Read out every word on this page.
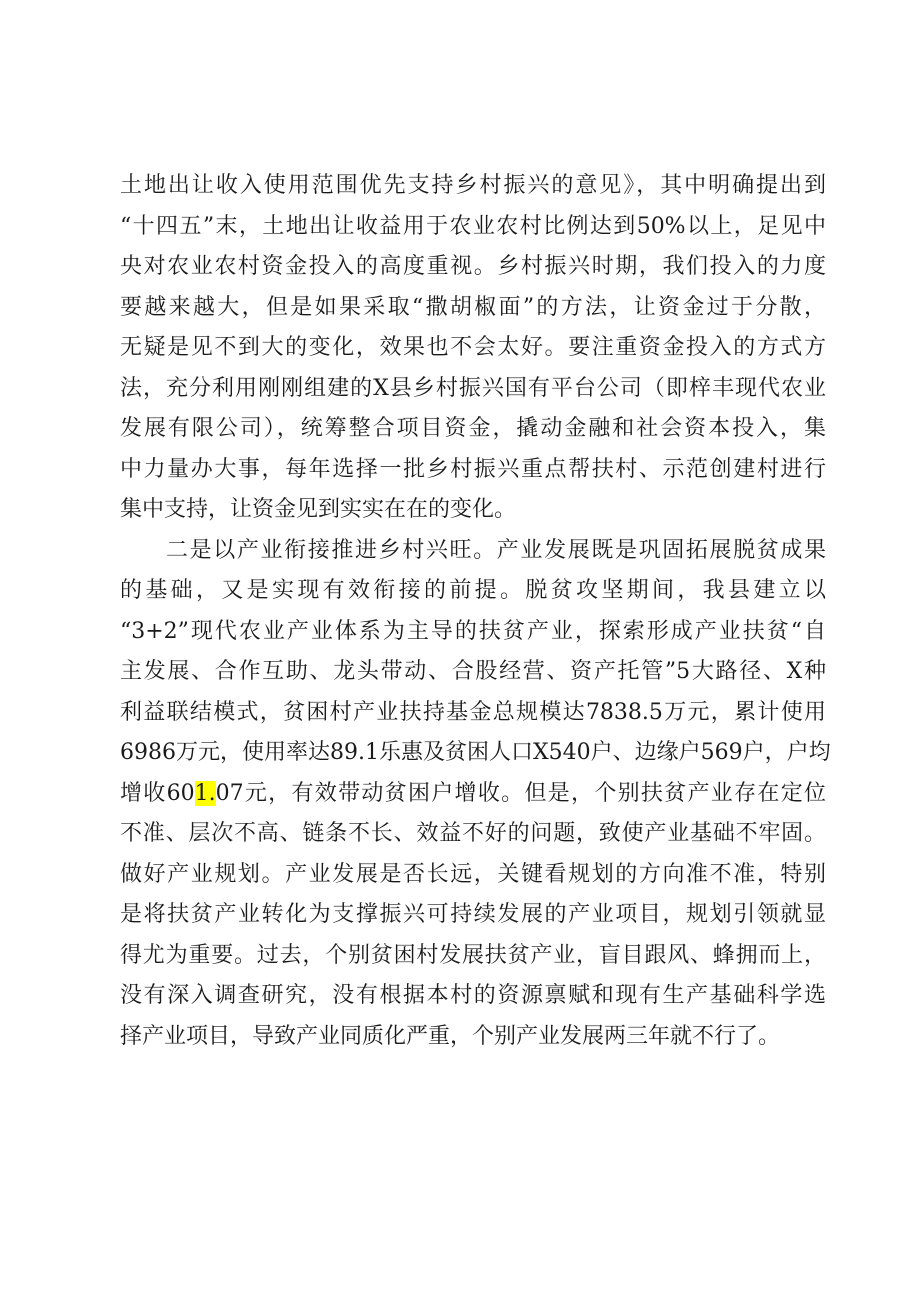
土地出让收入使用范围优先支持乡村振兴的意见》，其中明确提出到
“十四五”末，土地出让收益用于农业农村比例达到50%以上，足见中
央对农业农村资金投入的高度重视。乡村振兴时期，我们投入的力度
要越来越大，但是如果采取“撒胡椒面”的方法，让资金过于分散，
无疑是见不到大的变化，效果也不会太好。要注重资金投入的方式方
法，充分利用刚刚组建的X县乡村振兴国有平台公司（即梓丰现代农业
发展有限公司），统筹整合项目资金，撬动金融和社会资本投入，集
中力量办大事，每年选择一批乡村振兴重点帮扶村、示范创建村进行
集中支持，让资金见到实实在在的变化。
二是以产业衔接推进乡村兴旺。产业发展既是巩固拓展脱贫成果
的基础，又是实现有效衔接的前提。脱贫攻坚期间，我县建立以
“3+2”现代农业产业体系为主导的扶贫产业，探索形成产业扶贫“自
主发展、合作互助、龙头带动、合股经营、资产托管”5大路径、X种
利益联结模式，贫困村产业扶持基金总规模达7838.5万元，累计使用
6986万元，使用率达89.1乐惠及贫困人口X540户、边缘户569户，户均
增收601.07元，有效带动贫困户增收。但是，个别扶贫产业存在定位
不准、层次不高、链条不长、效益不好的问题，致使产业基础不牢固。
做好产业规划。产业发展是否长远，关键看规划的方向准不准，特别
是将扶贫产业转化为支撑振兴可持续发展的产业项目，规划引领就显
得尤为重要。过去，个别贫困村发展扶贫产业，盲目跟风、蜂拥而上，
没有深入调查研究，没有根据本村的资源禀赋和现有生产基础科学选
择产业项目，导致产业同质化严重，个别产业发展两三年就不行了。
